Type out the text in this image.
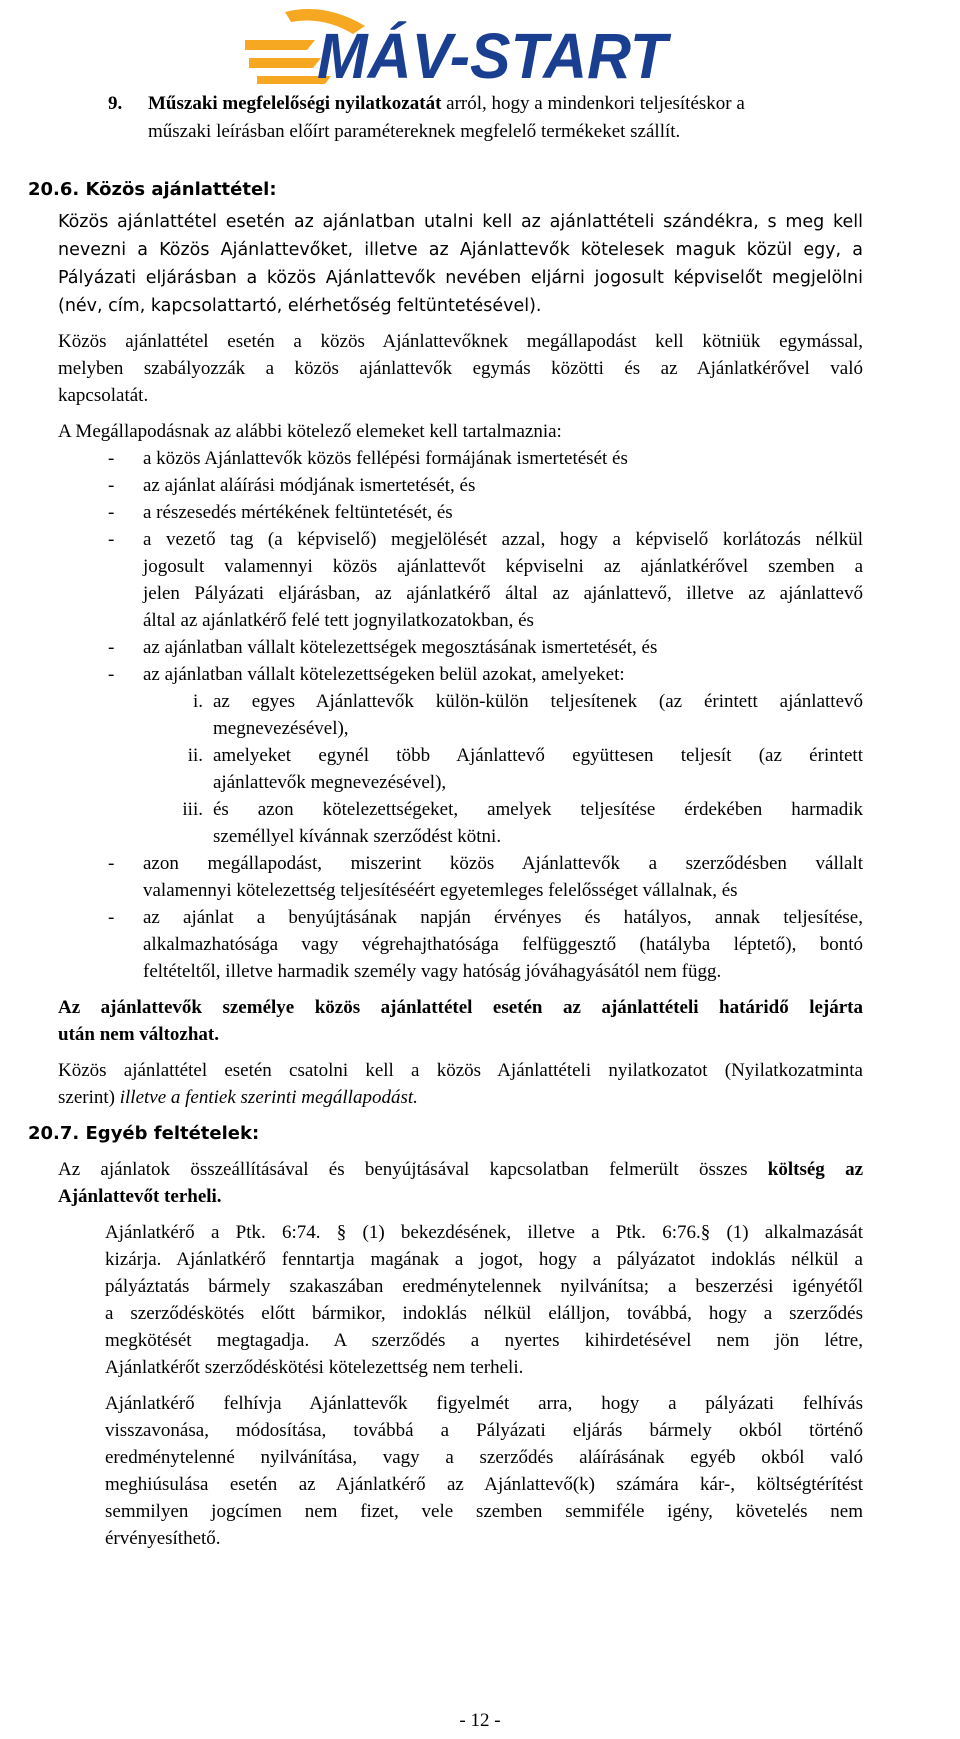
MÁV-START
9. Műszaki megfelelőségi nyilatkozatát arról, hogy a mindenkori teljesítéskor a
műszaki leírásban előírt paramétereknek megfelelő termékeket szállít.
20.6. Közös ajánlattétel:
Közös ajánlattétel esetén az ajánlatban utalni kell az ajánlattételi szándékra, s meg kell
nevezni a Közös Ajánlattevőket, illetve az Ajánlattevők kötelesek maguk közül egy, a
Pályázati eljárásban a közös Ajánlattevők nevében eljárni jogosult képviselőt megjelölni
(név, cím, kapcsolattartó, elérhetőség feltüntetésével).
Közös ajánlattétel esetén a közös Ajánlattevőknek megállapodást kell kötniük egymással,
melyben szabályozzák a közös ajánlattevők egymás közötti és az Ajánlatkérővel való
kapcsolatát.
A Megállapodásnak az alábbi kötelező elemeket kell tartalmaznia:
- a közös Ajánlattevők közös fellépési formájának ismertetését és
- az ajánlat aláírási módjának ismertetését, és
- a részesedés mértékének feltüntetését, és
- a vezető tag (a képviselő) megjelölését azzal, hogy a képviselő korlátozás nélkül
jogosult valamennyi közös ajánlattevőt képviselni az ajánlatkérővel szemben a
jelen Pályázati eljárásban, az ajánlatkérő által az ajánlattevő, illetve az ajánlattevő
által az ajánlatkérő felé tett jognyilatkozatokban, és
- az ajánlatban vállalt kötelezettségek megosztásának ismertetését, és
- az ajánlatban vállalt kötelezettségeken belül azokat, amelyeket:
i. az egyes Ajánlattevők külön-külön teljesítenek (az érintett ajánlattevő
megnevezésével),
ii. amelyeket egynél több Ajánlattevő együttesen teljesít (az érintett
ajánlattevők megnevezésével),
iii. és azon kötelezettségeket, amelyek teljesítése érdekében harmadik
személlyel kívánnak szerződést kötni.
- azon megállapodást, miszerint közös Ajánlattevők a szerződésben vállalt
valamennyi kötelezettség teljesítéséért egyetemleges felelősséget vállalnak, és
- az ajánlat a benyújtásának napján érvényes és hatályos, annak teljesítése,
alkalmazhatósága vagy végrehajthatósága felfüggesztő (hatályba léptető), bontó
feltételtől, illetve harmadik személy vagy hatóság jóváhagyásától nem függ.
Az ajánlattevők személye közös ajánlattétel esetén az ajánlattételi határidő lejárta
után nem változhat.
Közös ajánlattétel esetén csatolni kell a közös Ajánlattételi nyilatkozatot (Nyilatkozatminta
szerint) illetve a fentiek szerinti megállapodást.
20.7. Egyéb feltételek:
Az ajánlatok összeállításával és benyújtásával kapcsolatban felmerült összes költség az
Ajánlattevőt terheli.
Ajánlatkérő a Ptk. 6:74. § (1) bekezdésének, illetve a Ptk. 6:76.§ (1) alkalmazását
kizárja. Ajánlatkérő fenntartja magának a jogot, hogy a pályázatot indoklás nélkül a
pályáztatás bármely szakaszában eredménytelennek nyilvánítsa; a beszerzési igényétől
a szerződéskötés előtt bármikor, indoklás nélkül elálljon, továbbá, hogy a szerződés
megkötését megtagadja. A szerződés a nyertes kihirdetésével nem jön létre,
Ajánlatkérőt szerződéskötési kötelezettség nem terheli.
Ajánlatkérő felhívja Ajánlattevők figyelmét arra, hogy a pályázati felhívás
visszavonása, módosítása, továbbá a Pályázati eljárás bármely okból történő
eredménytelenné nyilvánítása, vagy a szerződés aláírásának egyéb okból való
meghiúsulása esetén az Ajánlatkérő az Ajánlattevő(k) számára kár-, költségtérítést
semmilyen jogcímen nem fizet, vele szemben semmiféle igény, követelés nem
érvényesíthető.
- 12 -
